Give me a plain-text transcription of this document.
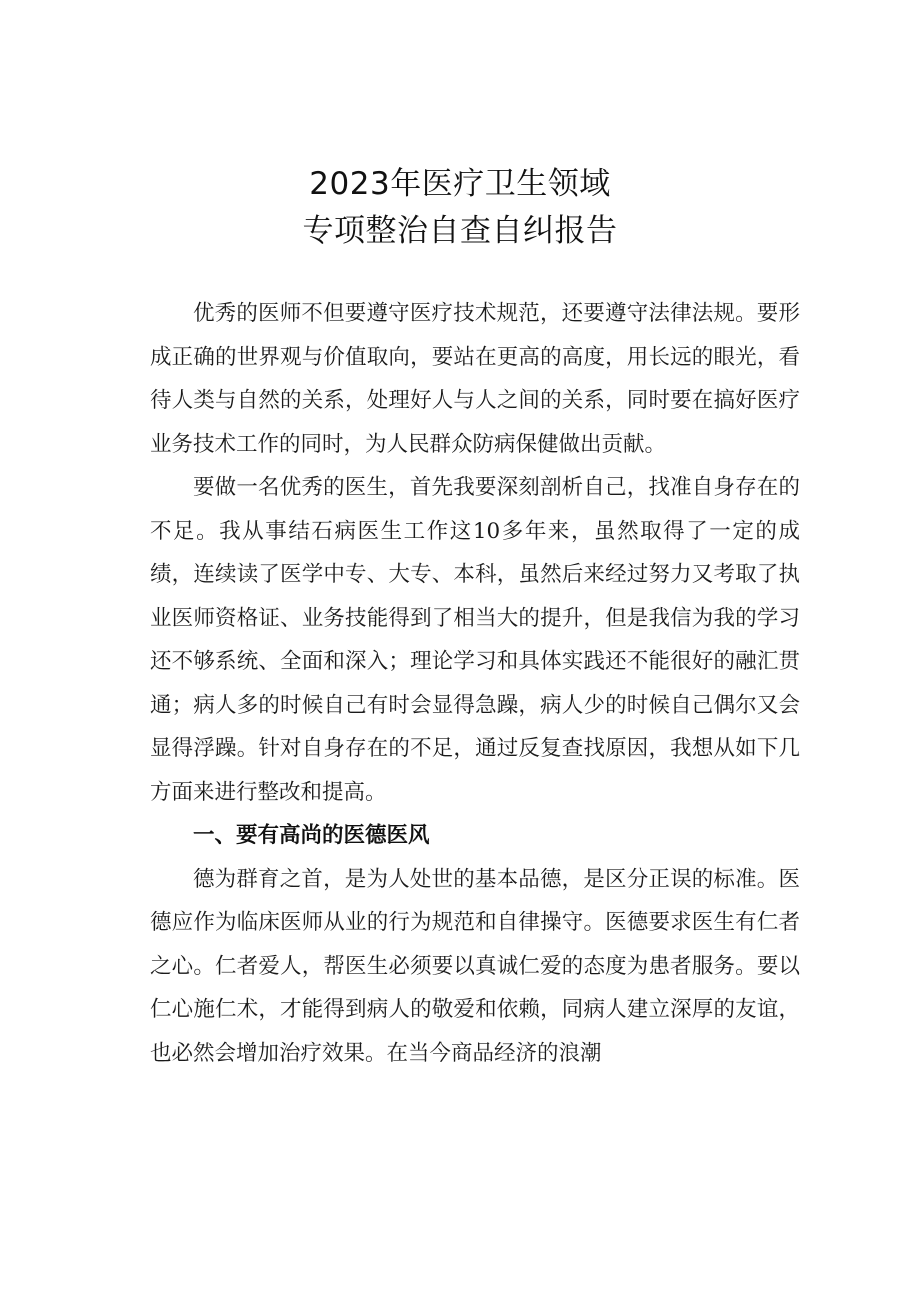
2023年医疗卫生领域
专项整治自查自纠报告

优秀的医师不但要遵守医疗技术规范，还要遵守法律法规。要形成正确的世界观与价值取向，要站在更高的高度，用长远的眼光，看待人类与自然的关系，处理好人与人之间的关系，同时要在搞好医疗业务技术工作的同时，为人民群众防病保健做出贡献。

要做一名优秀的医生，首先我要深刻剖析自己，找准自身存在的不足。我从事结石病医生工作这10多年来，虽然取得了一定的成绩，连续读了医学中专、大专、本科，虽然后来经过努力又考取了执业医师资格证、业务技能得到了相当大的提升，但是我信为我的学习还不够系统、全面和深入；理论学习和具体实践还不能很好的融汇贯通；病人多的时候自己有时会显得急躁，病人少的时候自己偶尔又会显得浮躁。针对自身存在的不足，通过反复查找原因，我想从如下几方面来进行整改和提高。

一、要有高尚的医德医风

德为群育之首，是为人处世的基本品德，是区分正误的标准。医德应作为临床医师从业的行为规范和自律操守。医德要求医生有仁者之心。仁者爱人，帮医生必须要以真诚仁爱的态度为患者服务。要以仁心施仁术，才能得到病人的敬爱和依赖，同病人建立深厚的友谊，也必然会增加治疗效果。在当今商品经济的浪潮
